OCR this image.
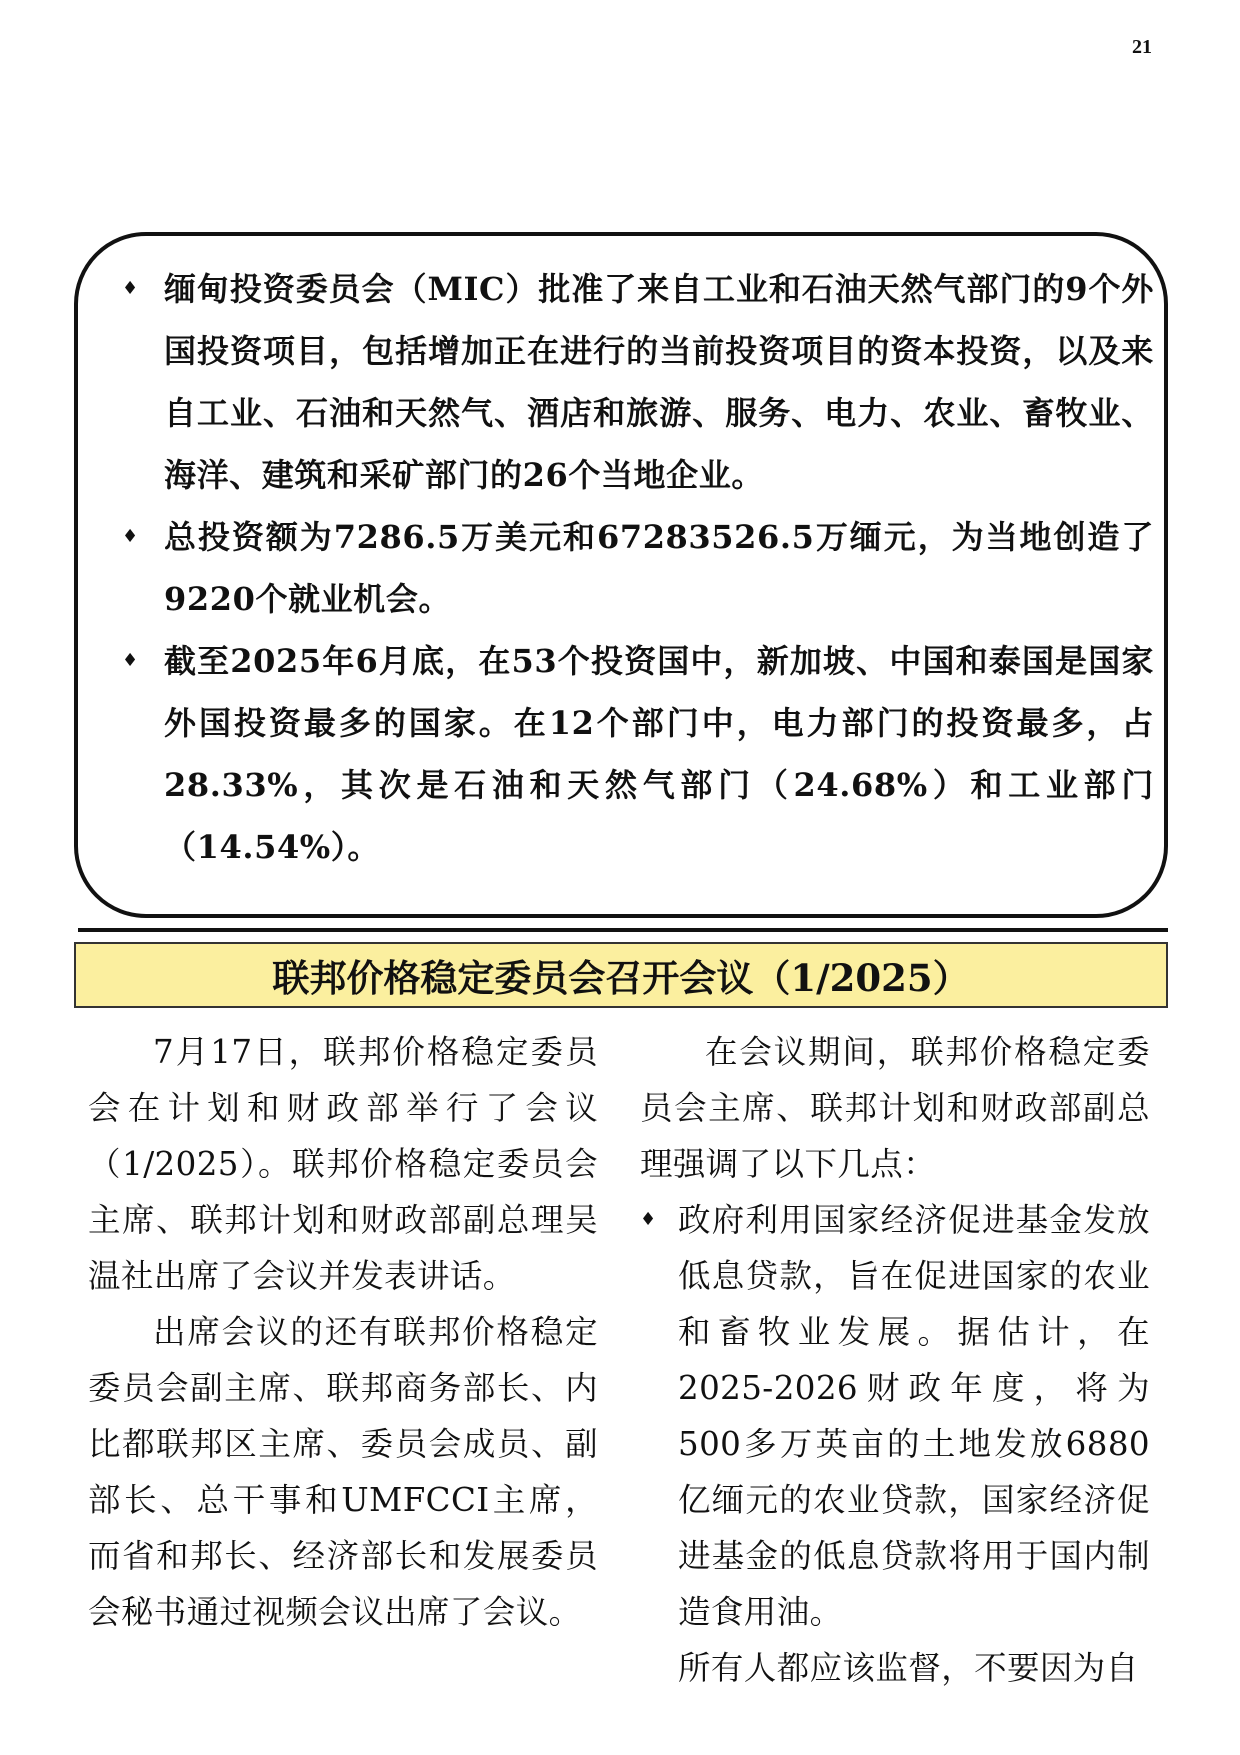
21
♦ 缅甸投资委员会（MIC）批准了来自工业和石油天然气部门的9个外国投资项目，包括增加正在进行的当前投资项目的资本投资，以及来自工业、石油和天然气、酒店和旅游、服务、电力、农业、畜牧业、海洋、建筑和采矿部门的26个当地企业。
♦ 总投资额为7286.5万美元和67283526.5万缅元，为当地创造了9220个就业机会。
♦ 截至2025年6月底，在53个投资国中，新加坡、中国和泰国是国家外国投资最多的国家。在12个部门中，电力部门的投资最多，占28.33%，其次是石油和天然气部门（24.68%）和工业部门（14.54%）。
联邦价格稳定委员会召开会议（1/2025）

7月17日，联邦价格稳定委员会在计划和财政部举行了会议（1/2025）。联邦价格稳定委员会主席、联邦计划和财政部副总理吴温社出席了会议并发表讲话。

出席会议的还有联邦价格稳定委员会副主席、联邦商务部长、内比都联邦区主席、委员会成员、副部长、总干事和UMFCCI主席，而省和邦长、经济部长和发展委员会秘书通过视频会议出席了会议。

在会议期间，联邦价格稳定委员会主席、联邦计划和财政部副总理强调了以下几点：

♦ 政府利用国家经济促进基金发放低息贷款，旨在促进国家的农业和畜牧业发展。据估计，在2025-2026财政年度，将为500多万英亩的土地发放6880亿缅元的农业贷款，国家经济促进基金的低息贷款将用于国内制造食用油。

所有人都应该监督，不要因为自
